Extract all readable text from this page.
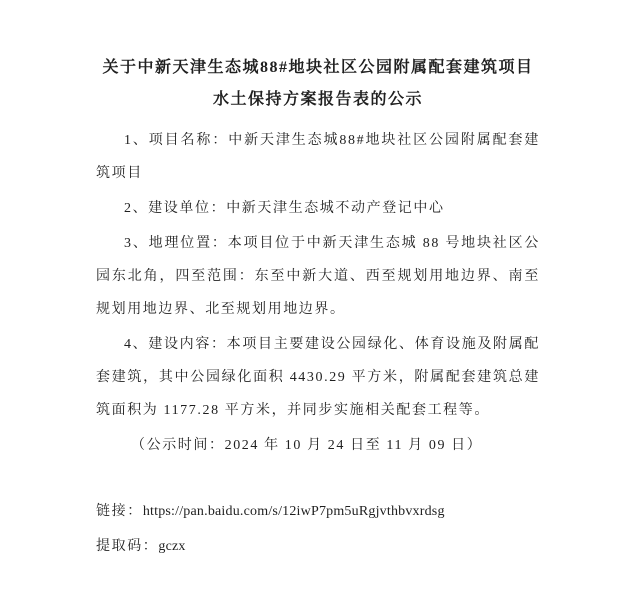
关于中新天津生态城88#地块社区公园附属配套建筑项目
水土保持方案报告表的公示

1、项目名称：中新天津生态城88#地块社区公园附属配套建筑项目

2、建设单位：中新天津生态城不动产登记中心

3、地理位置：本项目位于中新天津生态城 88 号地块社区公园东北角，四至范围：东至中新大道、西至规划用地边界、南至规划用地边界、北至规划用地边界。

4、建设内容：本项目主要建设公园绿化、体育设施及附属配套建筑，其中公园绿化面积 4430.29 平方米，附属配套建筑总建筑面积为 1177.28 平方米，并同步实施相关配套工程等。

（公示时间：2024 年 10 月 24 日至 11 月 09 日）

链接：https://pan.baidu.com/s/12iwP7pm5uRgjvthbvxrdsg

提取码：gczx
